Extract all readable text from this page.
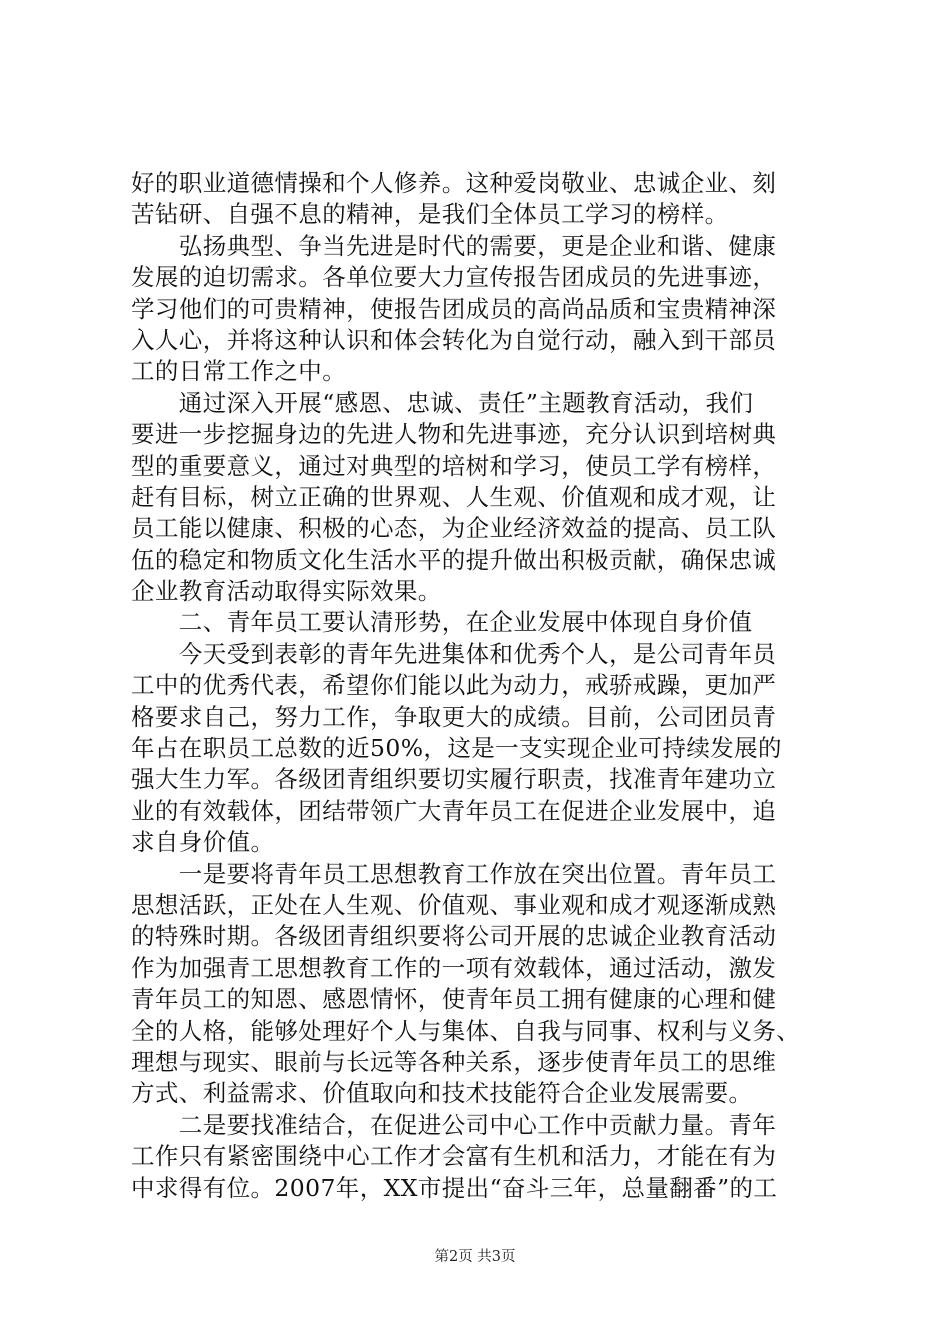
好的职业道德情操和个人修养。这种爱岗敬业、忠诚企业、刻
苦钻研、自强不息的精神，是我们全体员工学习的榜样。
　　弘扬典型、争当先进是时代的需要，更是企业和谐、健康
发展的迫切需求。各单位要大力宣传报告团成员的先进事迹，
学习他们的可贵精神，使报告团成员的高尚品质和宝贵精神深
入人心，并将这种认识和体会转化为自觉行动，融入到干部员
工的日常工作之中。
　　通过深入开展“感恩、忠诚、责任”主题教育活动，我们
要进一步挖掘身边的先进人物和先进事迹，充分认识到培树典
型的重要意义，通过对典型的培树和学习，使员工学有榜样，
赶有目标，树立正确的世界观、人生观、价值观和成才观，让
员工能以健康、积极的心态，为企业经济效益的提高、员工队
伍的稳定和物质文化生活水平的提升做出积极贡献，确保忠诚
企业教育活动取得实际效果。
　　二、青年员工要认清形势，在企业发展中体现自身价值
　　今天受到表彰的青年先进集体和优秀个人，是公司青年员
工中的优秀代表，希望你们能以此为动力，戒骄戒躁，更加严
格要求自己，努力工作，争取更大的成绩。目前，公司团员青
年占在职员工总数的近50%，这是一支实现企业可持续发展的
强大生力军。各级团青组织要切实履行职责，找准青年建功立
业的有效载体，团结带领广大青年员工在促进企业发展中，追
求自身价值。
　　一是要将青年员工思想教育工作放在突出位置。青年员工
思想活跃，正处在人生观、价值观、事业观和成才观逐渐成熟
的特殊时期。各级团青组织要将公司开展的忠诚企业教育活动
作为加强青工思想教育工作的一项有效载体，通过活动，激发
青年员工的知恩、感恩情怀，使青年员工拥有健康的心理和健
全的人格，能够处理好个人与集体、自我与同事、权利与义务、
理想与现实、眼前与长远等各种关系，逐步使青年员工的思维
方式、利益需求、价值取向和技术技能符合企业发展需要。
　　二是要找准结合，在促进公司中心工作中贡献力量。青年
工作只有紧密围绕中心工作才会富有生机和活力，才能在有为
中求得有位。2007年，XX市提出“奋斗三年，总量翻番”的工
第2页 共3页
